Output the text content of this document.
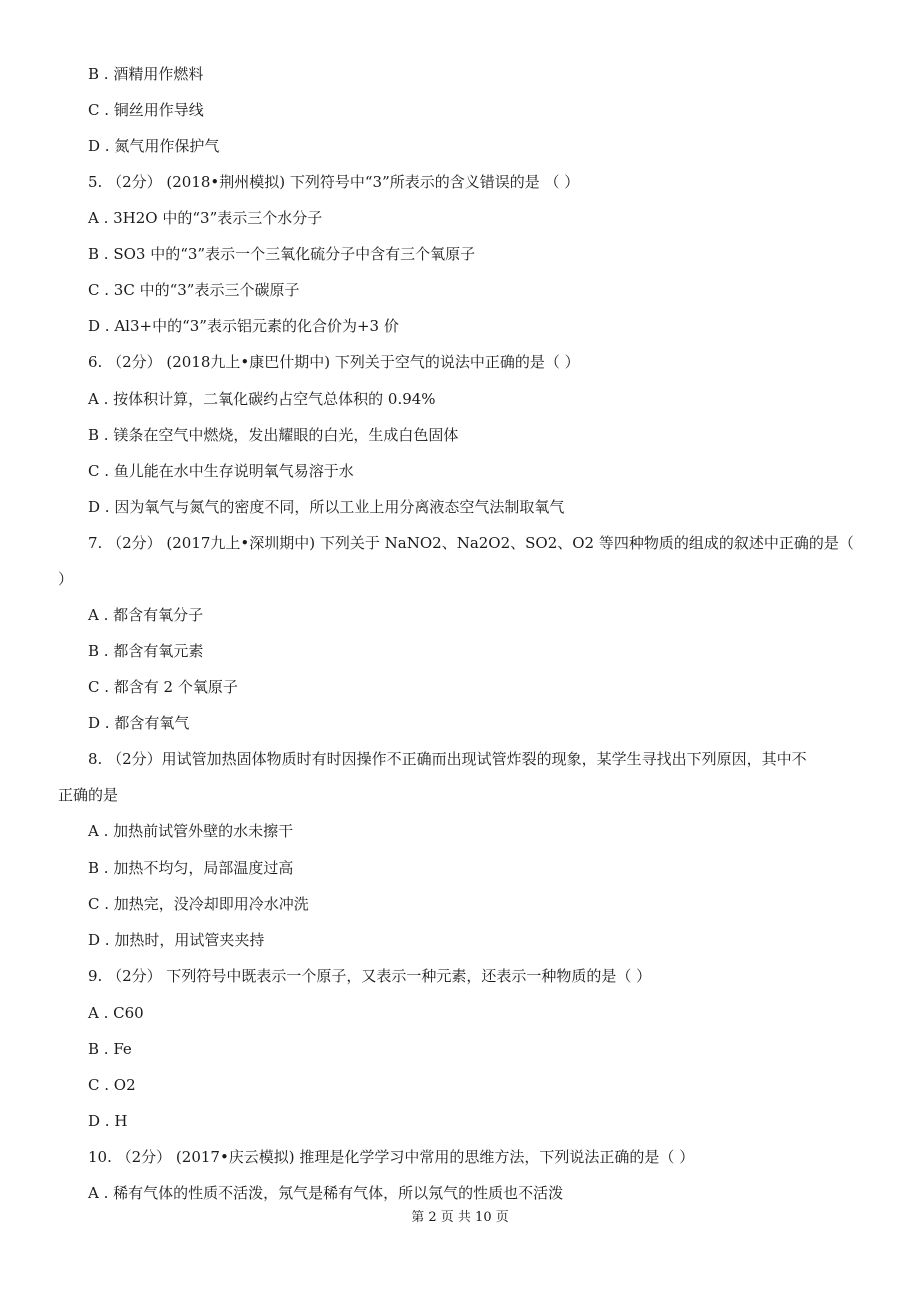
B . 酒精用作燃料
C . 铜丝用作导线
D . 氮气用作保护气
5. （2分） (2018•荆州模拟) 下列符号中“3”所表示的含义错误的是 （ ）
A . 3H2O 中的“3”表示三个水分子
B . SO3 中的“3”表示一个三氧化硫分子中含有三个氧原子
C . 3C 中的“3”表示三个碳原子
D . Al3+中的“3”表示铝元素的化合价为+3 价
6. （2分） (2018九上•康巴什期中) 下列关于空气的说法中正确的是（ ）
A . 按体积计算，二氧化碳约占空气总体积的 0.94%
B . 镁条在空气中燃烧，发出耀眼的白光，生成白色固体
C . 鱼儿能在水中生存说明氧气易溶于水
D . 因为氧气与氮气的密度不同，所以工业上用分离液态空气法制取氧气
7. （2分） (2017九上•深圳期中) 下列关于 NaNO2、Na2O2、SO2、O2 等四种物质的组成的叙述中正确的是（
）
A . 都含有氧分子
B . 都含有氧元素
C . 都含有 2 个氧原子
D . 都含有氧气
8. （2分）用试管加热固体物质时有时因操作不正确而出现试管炸裂的现象，某学生寻找出下列原因，其中不
正确的是
A . 加热前试管外壁的水未擦干
B . 加热不均匀，局部温度过高
C . 加热完，没冷却即用冷水冲洗
D . 加热时，用试管夹夹持
9. （2分） 下列符号中既表示一个原子，又表示一种元素，还表示一种物质的是（ ）
A . C60
B . Fe
C . O2
D . H
10. （2分） (2017•庆云模拟) 推理是化学学习中常用的思维方法，下列说法正确的是（ ）
A . 稀有气体的性质不活泼，氖气是稀有气体，所以氖气的性质也不活泼
第 2 页 共 10 页
